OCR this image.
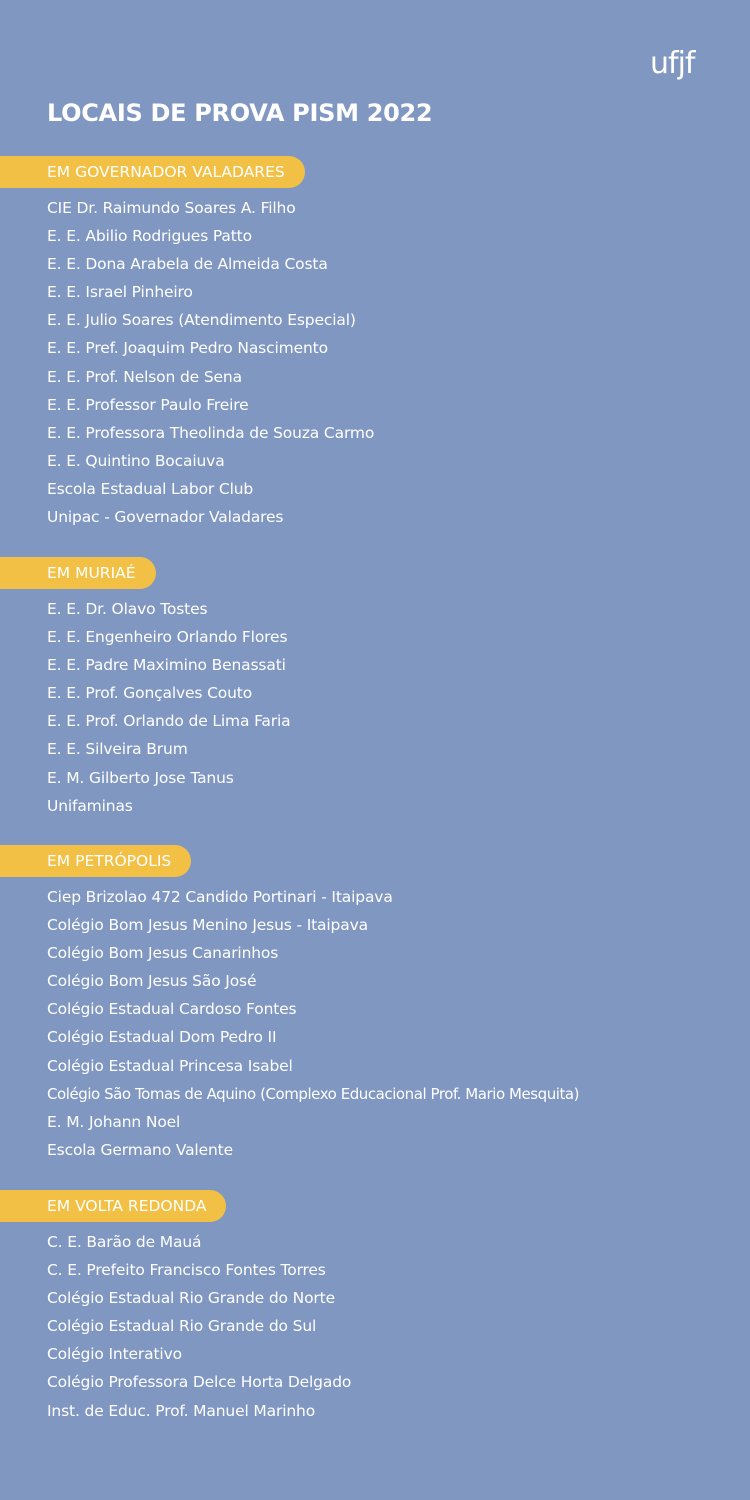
ufjf
LOCAIS DE PROVA PISM 2022
EM GOVERNADOR VALADARES
CIE Dr. Raimundo Soares A. Filho
E. E. Abilio Rodrigues Patto
E. E. Dona Arabela de Almeida Costa
E. E. Israel Pinheiro
E. E. Julio Soares (Atendimento Especial)
E. E. Pref. Joaquim Pedro Nascimento
E. E. Prof. Nelson de Sena
E. E. Professor Paulo Freire
E. E. Professora Theolinda de Souza Carmo
E. E. Quintino Bocaiuva
Escola Estadual Labor Club
Unipac - Governador Valadares
EM MURIAÉ
E. E. Dr. Olavo Tostes
E. E. Engenheiro Orlando Flores
E. E. Padre Maximino Benassati
E. E. Prof. Gonçalves Couto
E. E. Prof. Orlando de Lima Faria
E. E. Silveira Brum
E. M. Gilberto Jose Tanus
Unifaminas
EM PETRÓPOLIS
Ciep Brizolao 472 Candido Portinari - Itaipava
Colégio Bom Jesus Menino Jesus - Itaipava
Colégio Bom Jesus Canarinhos
Colégio Bom Jesus São José
Colégio Estadual Cardoso Fontes
Colégio Estadual Dom Pedro II
Colégio Estadual Princesa Isabel
Colégio São Tomas de Aquino (Complexo Educacional Prof. Mario Mesquita)
E. M. Johann Noel
Escola Germano Valente
EM VOLTA REDONDA
C. E. Barão de Mauá
C. E. Prefeito Francisco Fontes Torres
Colégio Estadual Rio Grande do Norte
Colégio Estadual Rio Grande do Sul
Colégio Interativo
Colégio Professora Delce Horta Delgado
Inst. de Educ. Prof. Manuel Marinho
